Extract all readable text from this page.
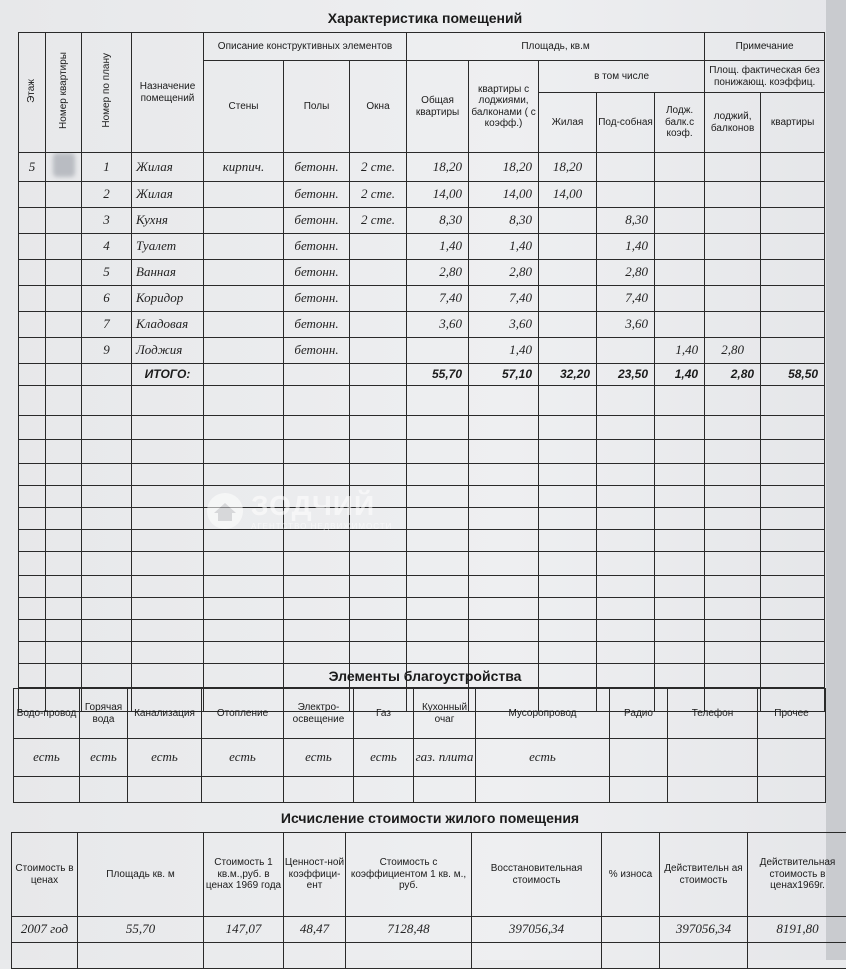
Характеристика помещений
Этаж	Номер квартиры	Номер по плану	Назначение помещений	Описание конструктивных элементов			Площадь, кв.м					Примечание	
				Стены	Полы	Окна	Общая квартиры	квартиры с лоджиями, балконами ( с коэфф.)	в том числе			Площ. фактическая без понижающ. коэффиц.	
									Жилая	Под-собная	Лодж. балк.с коэф.	лоджий, балконов	квартиры
5		1	Жилая	кирпич.	бетонн.	2 сте.	18,20	18,20	18,20				
		2	Жилая		бетонн.	2 сте.	14,00	14,00	14,00				
		3	Кухня		бетонн.	2 сте.	8,30	8,30		8,30			
		4	Туалет		бетонн.		1,40	1,40		1,40			
		5	Ванная		бетонн.		2,80	2,80		2,80			
		6	Коридор		бетонн.		7,40	7,40		7,40			
		7	Кладовая		бетонн.		3,60	3,60		3,60			
		9	Лоджия		бетонн.			1,40			1,40	2,80	
			ИТОГО:				55,70	57,10	32,20	23,50	1,40	2,80	58,50

ЗОДЧИЙ
АГЕНТСТВО НЕДВИЖИМОСТИ
Элементы благоустройства
Водо-провод	Горячая вода	Канализация	Отопление	Электро-освещение	Газ	Кухонный очаг	Мусоропровод	Радио	Телефон	Прочее
есть	есть	есть	есть	есть	есть	газ. плита	есть			

Исчисление стоимости жилого помещения
Стоимость в ценах	Площадь кв. м	Стоимость 1 кв.м.,руб. в ценах 1969 года	Ценност-ной коэффици-ент	Стоимость с коэффициентом 1 кв. м., руб.	Восстановительная стоимость	% износа	Действительн ая стоимость	Действительная стоимость в ценах1969г.
2007 год	55,70	147,07	48,47	7128,48	397056,34		397056,34	8191,80
